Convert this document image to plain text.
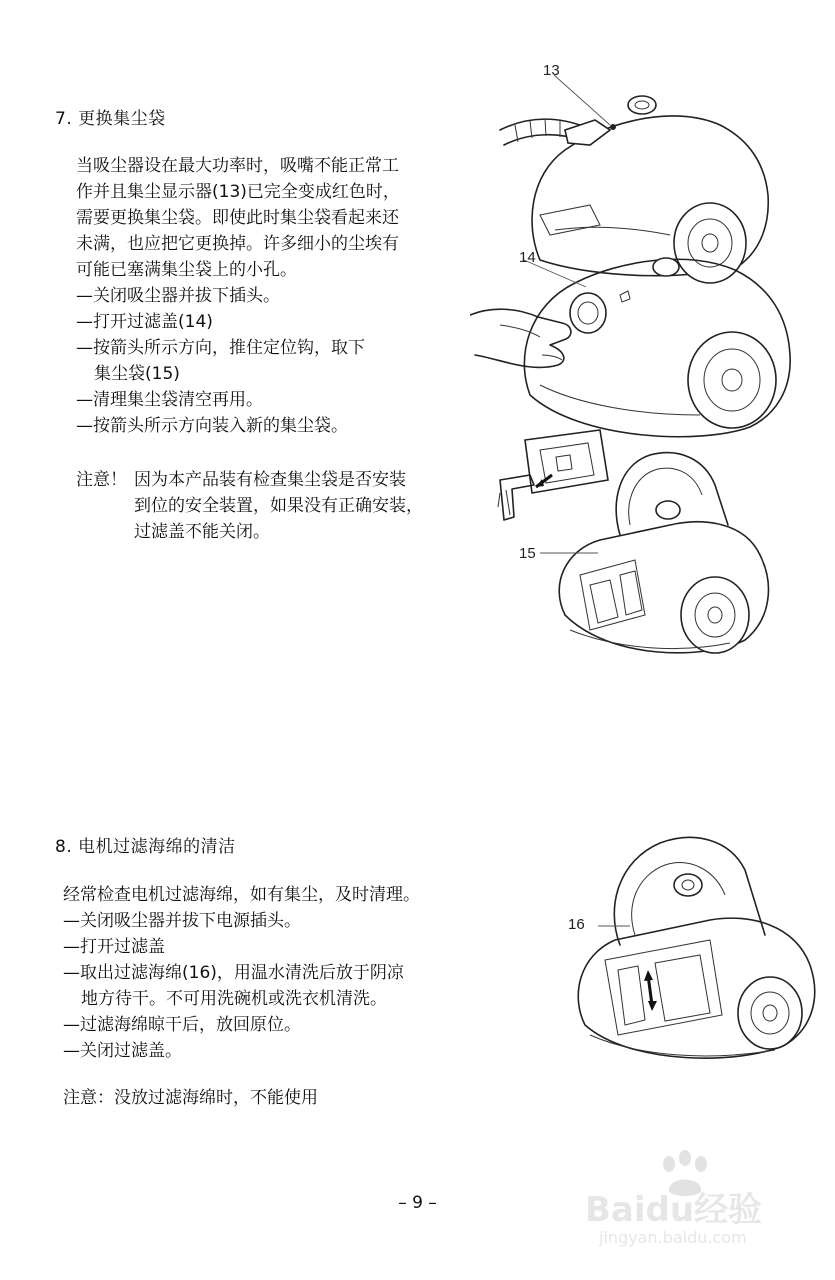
7. 更换集尘袋
当吸尘器设在最大功率时，吸嘴不能正常工
作并且集尘显示器(13)已完全变成红色时，
需要更换集尘袋。即使此时集尘袋看起来还
未满，也应把它更换掉。许多细小的尘埃有
可能已塞满集尘袋上的小孔。
—关闭吸尘器并拔下插头。
—打开过滤盖(14)
—按箭头所示方向，推住定位钩，取下
集尘袋(15)
—清理集尘袋清空再用。
—按箭头所示方向装入新的集尘袋。
注意！ 因为本产品装有检查集尘袋是否安装
到位的安全装置，如果没有正确安装，
过滤盖不能关闭。
13
14
15
8. 电机过滤海绵的清洁
经常检查电机过滤海绵，如有集尘，及时清理。
—关闭吸尘器并拔下电源插头。
—打开过滤盖
—取出过滤海绵(16)，用温水清洗后放于阴凉
地方待干。不可用洗碗机或洗衣机清洗。
—过滤海绵晾干后，放回原位。
—关闭过滤盖。
注意：没放过滤海绵时，不能使用
16
– 9 –	Baidu经验
jingyan.baidu.com
